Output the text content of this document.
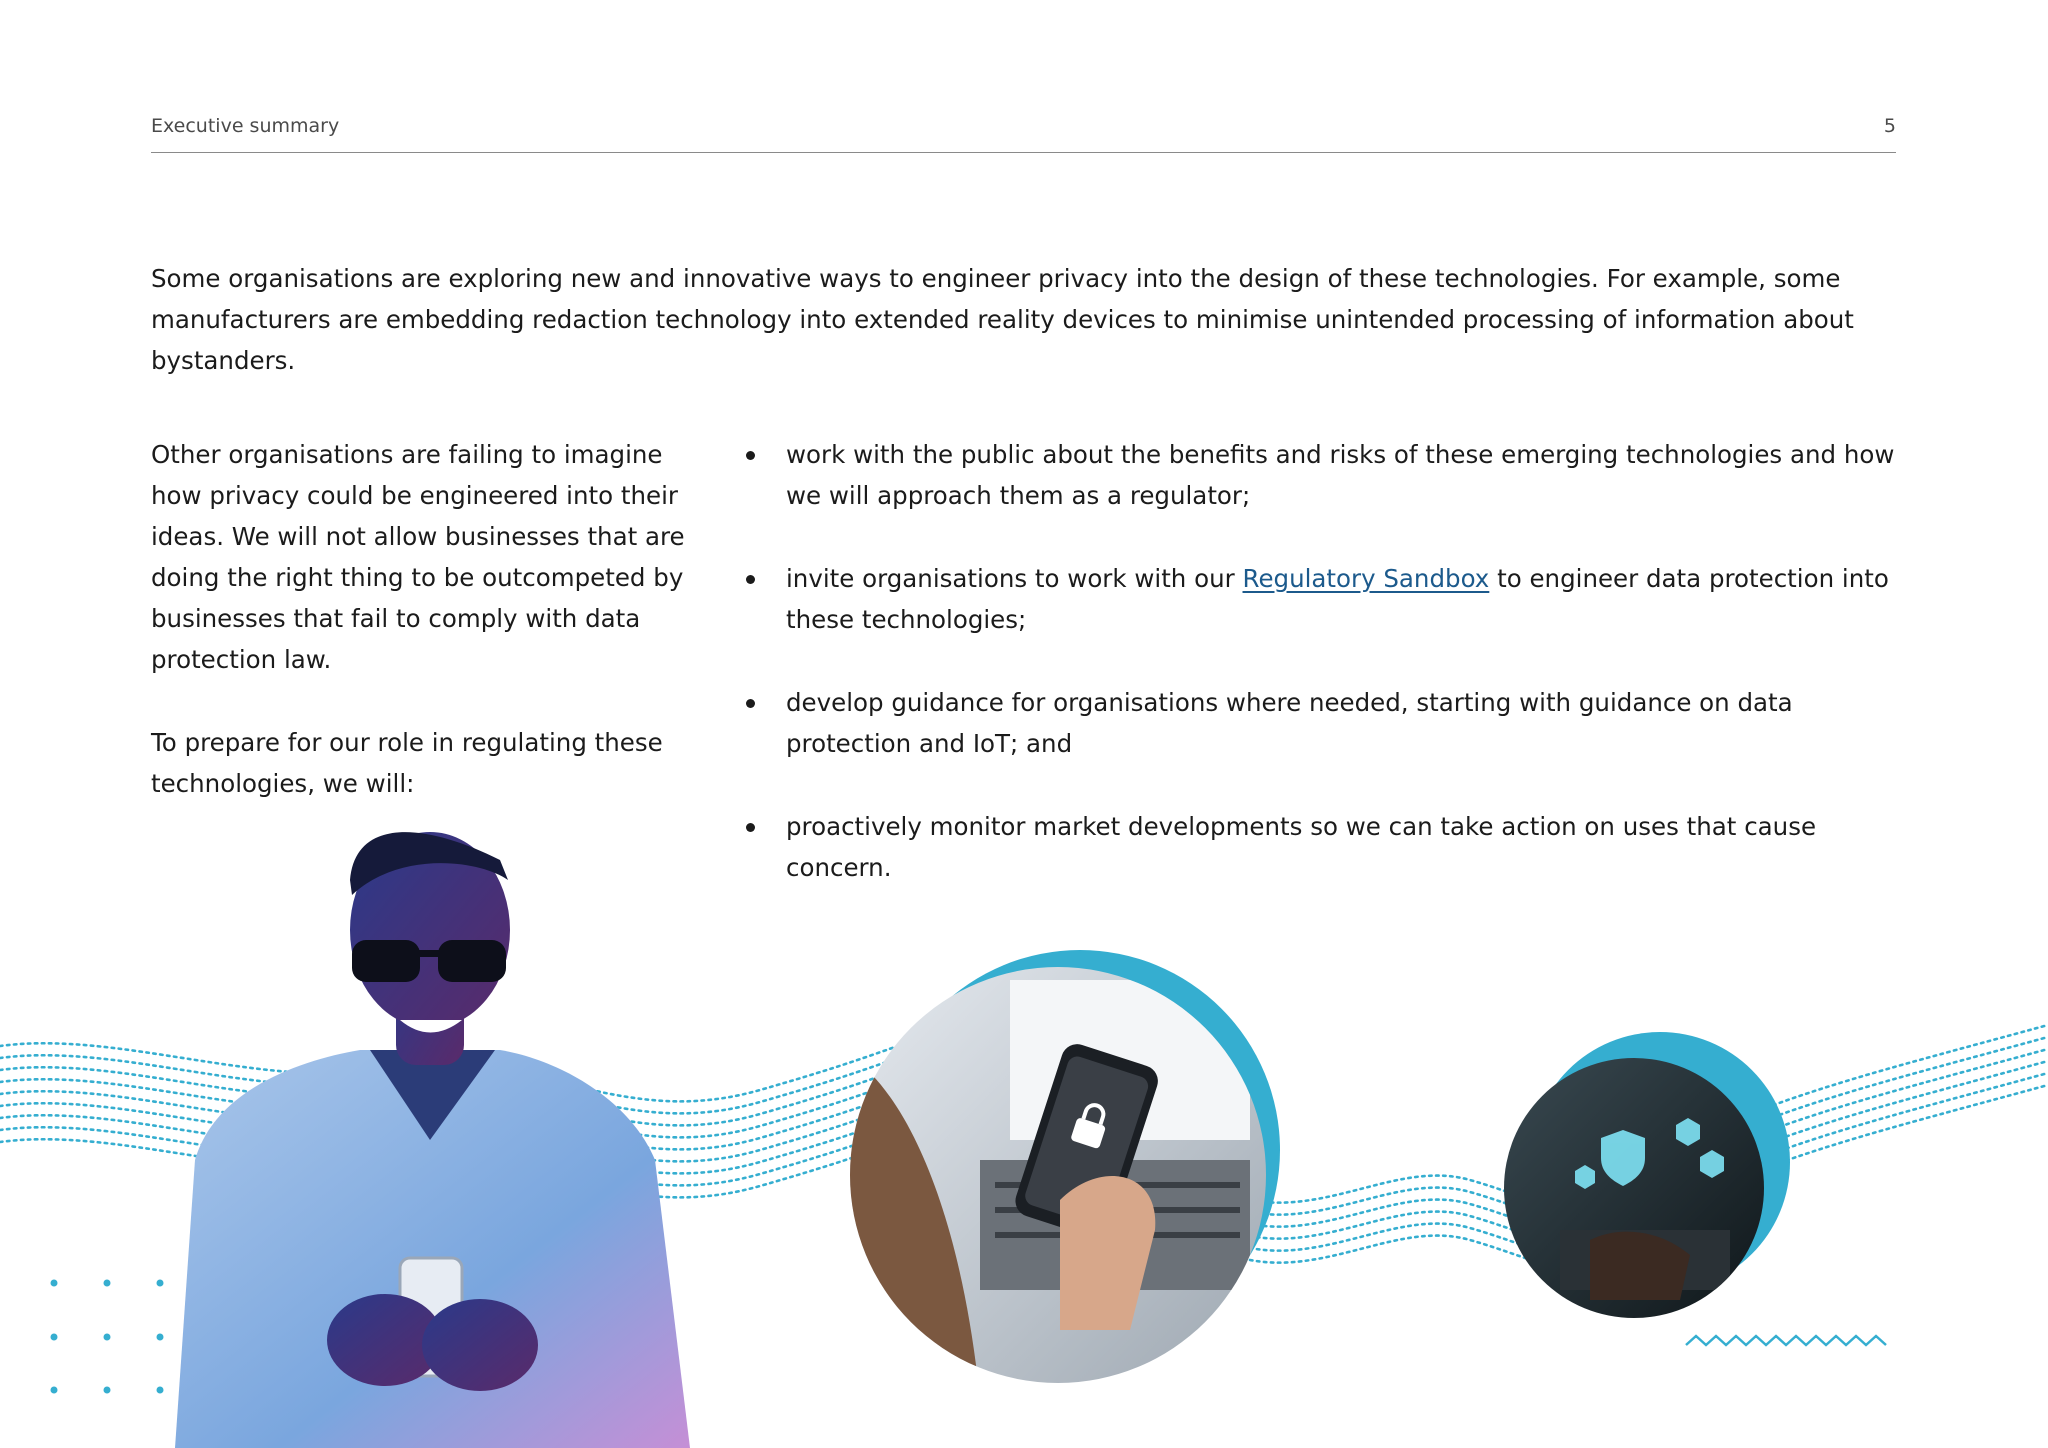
Executive summary	5

Some organisations are exploring new and innovative ways to engineer privacy into the design of these technologies. For example, some manufacturers are embedding redaction technology into extended reality devices to minimise unintended processing of information about bystanders.

Other organisations are failing to imagine how privacy could be engineered into their ideas. We will not allow businesses that are doing the right thing to be outcompeted by businesses that fail to comply with data protection law.

To prepare for our role in regulating these technologies, we will:

work with the public about the benefits and risks of these emerging technologies and how we will approach them as a regulator;
invite organisations to work with our Regulatory Sandbox to engineer data protection into these technologies;
develop guidance for organisations where needed, starting with guidance on data protection and IoT; and
proactively monitor market developments so we can take action on uses that cause concern.
